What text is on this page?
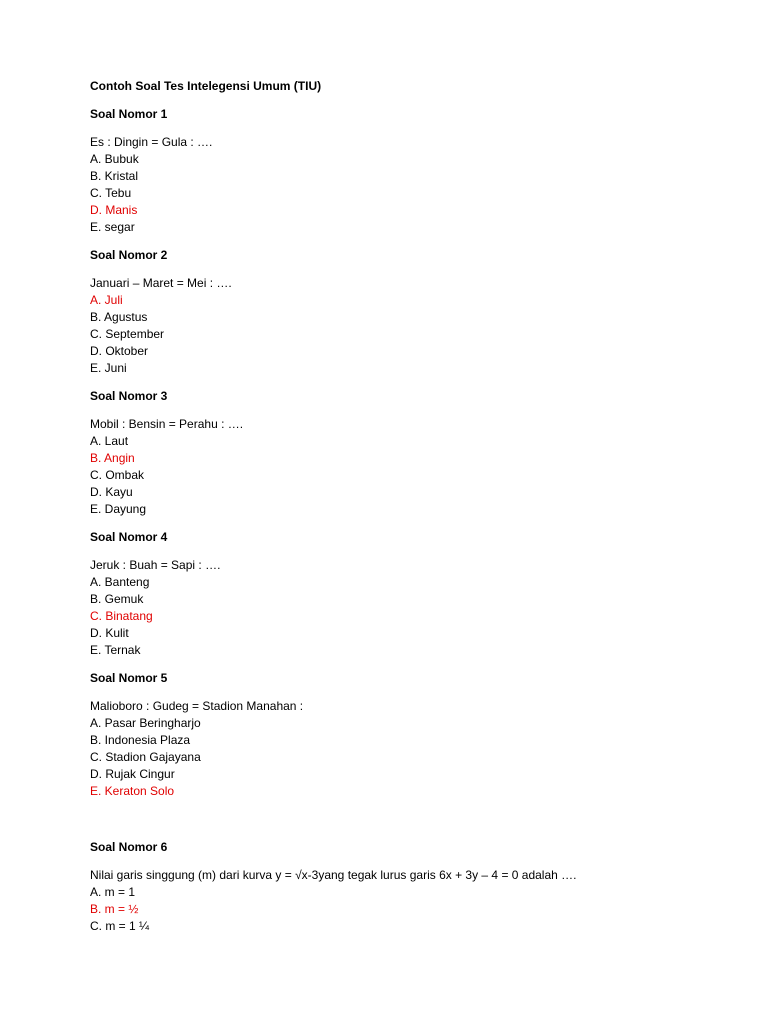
Contoh Soal Tes Intelegensi Umum (TIU)
Soal Nomor 1
Es : Dingin = Gula : ….
A. Bubuk
B. Kristal
C. Tebu
D. Manis
E. segar
Soal Nomor 2
Januari – Maret = Mei : ….
A. Juli
B. Agustus
C. September
D. Oktober
E. Juni
Soal Nomor 3
Mobil : Bensin = Perahu : ….
A. Laut
B. Angin
C. Ombak
D. Kayu
E. Dayung
Soal Nomor 4
Jeruk : Buah = Sapi : ….
A. Banteng
B. Gemuk
C. Binatang
D. Kulit
E. Ternak
Soal Nomor 5
Malioboro : Gudeg = Stadion Manahan :
A. Pasar Beringharjo
B. Indonesia Plaza
C. Stadion Gajayana
D. Rujak Cingur
E. Keraton Solo
Soal Nomor 6
Nilai garis singgung (m) dari kurva y = √x-3yang tegak lurus garis 6x + 3y – 4 = 0 adalah ….
A. m = 1
B. m = ½
C. m = 1 ¼
